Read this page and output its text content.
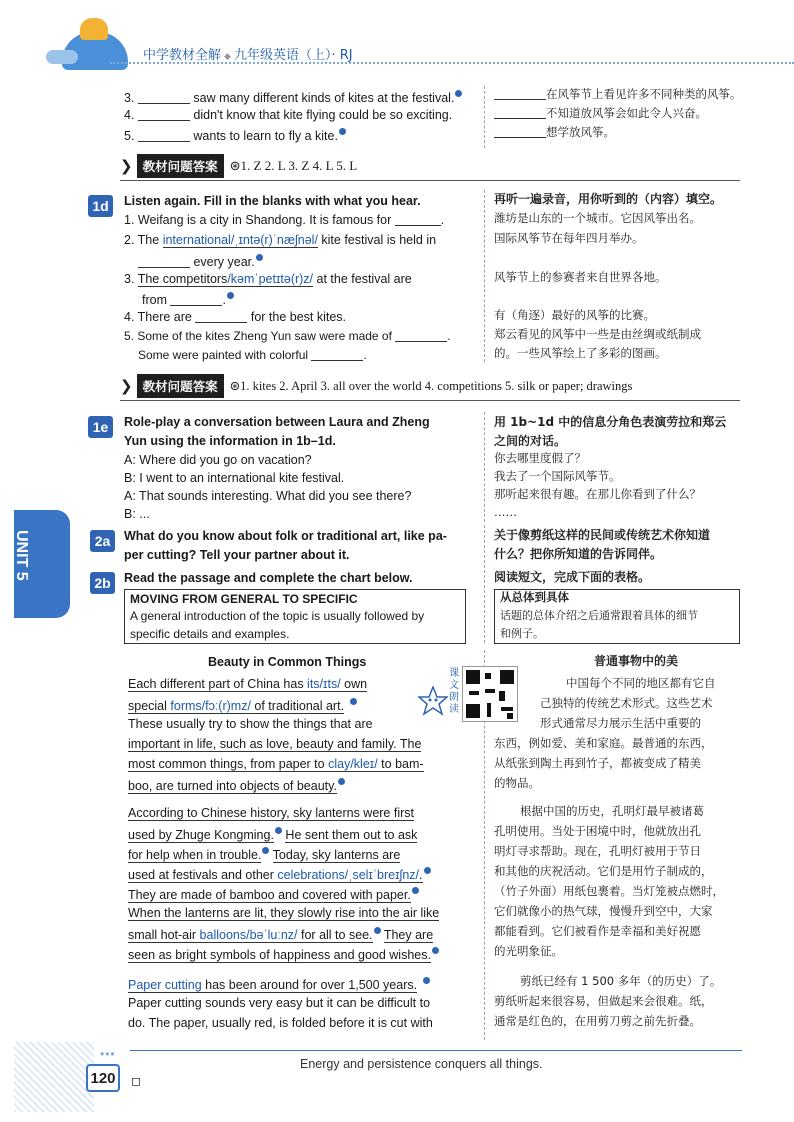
中学教材全解 ◆ 九年级英语（上）· RJ
3.	saw many different kinds of kites at the festival.
4.	didn't know that kite flying could be so exciting.
5.	wants to learn to fly a kite.
在风筝节上看见许多不同种类的风筝。
不知道放风筝会如此令人兴奋。
想学放风筝。
❯ 教材问题答案 ⊛1. Z 2. L 3. Z 4. L 5. L
1d	Listen again. Fill in the blanks with what you hear.
1. Weifang is a city in Shandong. It is famous for	.
2. The international/ˌɪntə(r)ˈnæʃnəl/ kite festival is held in
every year.
3. The competitors/kəmˈpetɪtə(r)z/ at the festival are
from	.
4. There are	for the best kites.
5. Some of the kites Zheng Yun saw were made of	.
Some were painted with colorful	.
再听一遍录音，用你听到的（内容）填空。
潍坊是山东的一个城市。它因风筝出名。
国际风筝节在每年四月举办。
风筝节上的参赛者来自世界各地。
有（角逐）最好的风筝的比赛。
郑云看见的风筝中一些是由丝绸或纸制成
的。一些风筝绘上了多彩的图画。
❯ 教材问题答案 ⊛1. kites 2. April 3. all over the world 4. competitions 5. silk or paper; drawings
1e	Role-play a conversation between Laura and Zheng
Yun using the information in 1b–1d.
A: Where did you go on vacation?
B: I went to an international kite festival.
A: That sounds interesting. What did you see there?
B: ...
用 1b~1d 中的信息分角色表演劳拉和郑云
之间的对话。
你去哪里度假了？
我去了一个国际风筝节。
那听起来很有趣。在那儿你看到了什么？
……
UNIT 5	2a	What do you know about folk or traditional art, like pa-
per cutting? Tell your partner about it.
关于像剪纸这样的民间或传统艺术你知道
什么？把你所知道的告诉同伴。
2b	Read the passage and complete the chart below.	阅读短文，完成下面的表格。
MOVING FROM GENERAL TO SPECIFIC
A general introduction of the topic is usually followed by
specific details and examples.
从总体到具体
话题的总体介绍之后通常跟着具体的细节
和例子。
Beauty in Common Things	普通事物中的美
课文朗读
Each different part of China has its/ɪts/ own
special forms/fɔː(r)mz/ of traditional art.
These usually try to show the things that are
important in life, such as love, beauty and family. The
most common things, from paper to clay/kleɪ/ to bam-
boo, are turned into objects of beauty.
According to Chinese history, sky lanterns were first
used by Zhuge Kongming. He sent them out to ask
for help when in trouble. Today, sky lanterns are
used at festivals and other celebrations/ˌselɪˈbreɪʃnz/.
They are made of bamboo and covered with paper.
When the lanterns are lit, they slowly rise into the air like
small hot-air balloons/bəˈluːnz/ for all to see. They are
seen as bright symbols of happiness and good wishes.
Paper cutting has been around for over 1,500 years.
Paper cutting sounds very easy but it can be difficult to
do. The paper, usually red, is folded before it is cut with
中国每个不同的地区都有它自
己独特的传统艺术形式。这些艺术
形式通常尽力展示生活中重要的
东西，例如爱、美和家庭。最普通的东西，
从纸张到陶土再到竹子，都被变成了精美
的物品。
根据中国的历史，孔明灯最早被诸葛
孔明使用。当处于困境中时，他就放出孔
明灯寻求帮助。现在，孔明灯被用于节日
和其他的庆祝活动。它们是用竹子制成的，
（竹子外面）用纸包裹着。当灯笼被点燃时，
它们就像小的热气球，慢慢升到空中，大家
都能看到。它们被看作是幸福和美好祝愿
的光明象征。
剪纸已经有 1 500 多年（的历史）了。
剪纸听起来很容易，但做起来会很难。纸，
通常是红色的，在用剪刀剪之前先折叠。
•••
120
Energy and persistence conquers all things.
